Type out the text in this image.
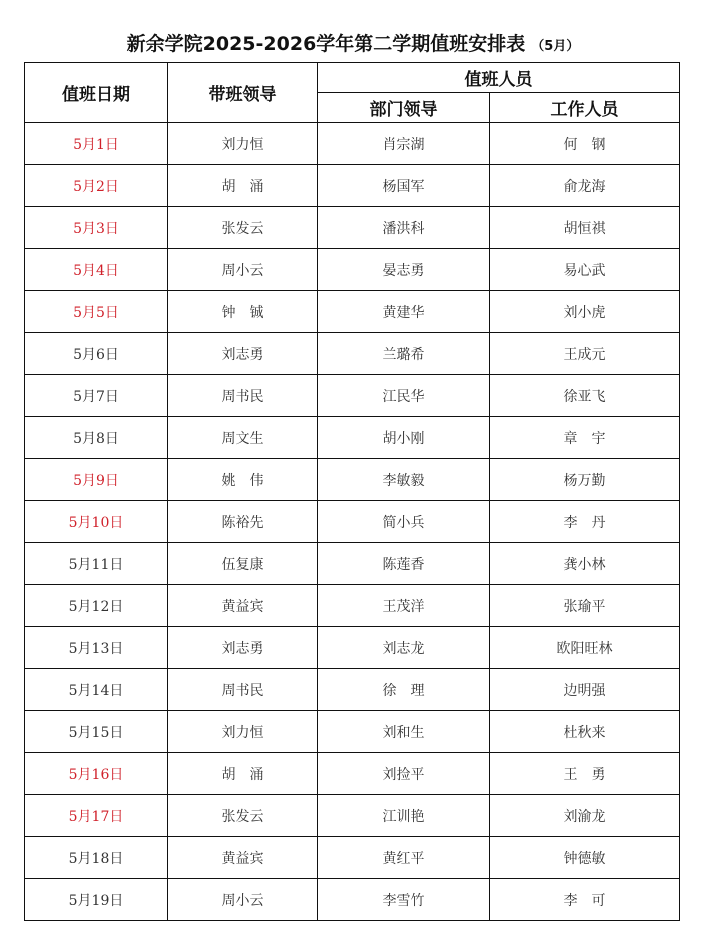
新余学院2025-2026学年第二学期值班安排表 （5月）
值班日期	带班领导	值班人员	
		部门领导	工作人员
5月1日	刘力恒	肖宗湖	何　钢
5月2日	胡　涌	杨国军	俞龙海
5月3日	张发云	潘洪科	胡恒祺
5月4日	周小云	晏志勇	易心武
5月5日	钟　铖	黄建华	刘小虎
5月6日	刘志勇	兰璐希	王成元
5月7日	周书民	江民华	徐亚飞
5月8日	周文生	胡小刚	章　宇
5月9日	姚　伟	李敏毅	杨万勤
5月10日	陈裕先	简小兵	李　丹
5月11日	伍复康	陈莲香	龚小林
5月12日	黄益宾	王茂洋	张瑜平
5月13日	刘志勇	刘志龙	欧阳旺林
5月14日	周书民	徐　理	边明强
5月15日	刘力恒	刘和生	杜秋来
5月16日	胡　涌	刘捡平	王　勇
5月17日	张发云	江训艳	刘渝龙
5月18日	黄益宾	黄红平	钟德敏
5月19日	周小云	李雪竹	李　可
